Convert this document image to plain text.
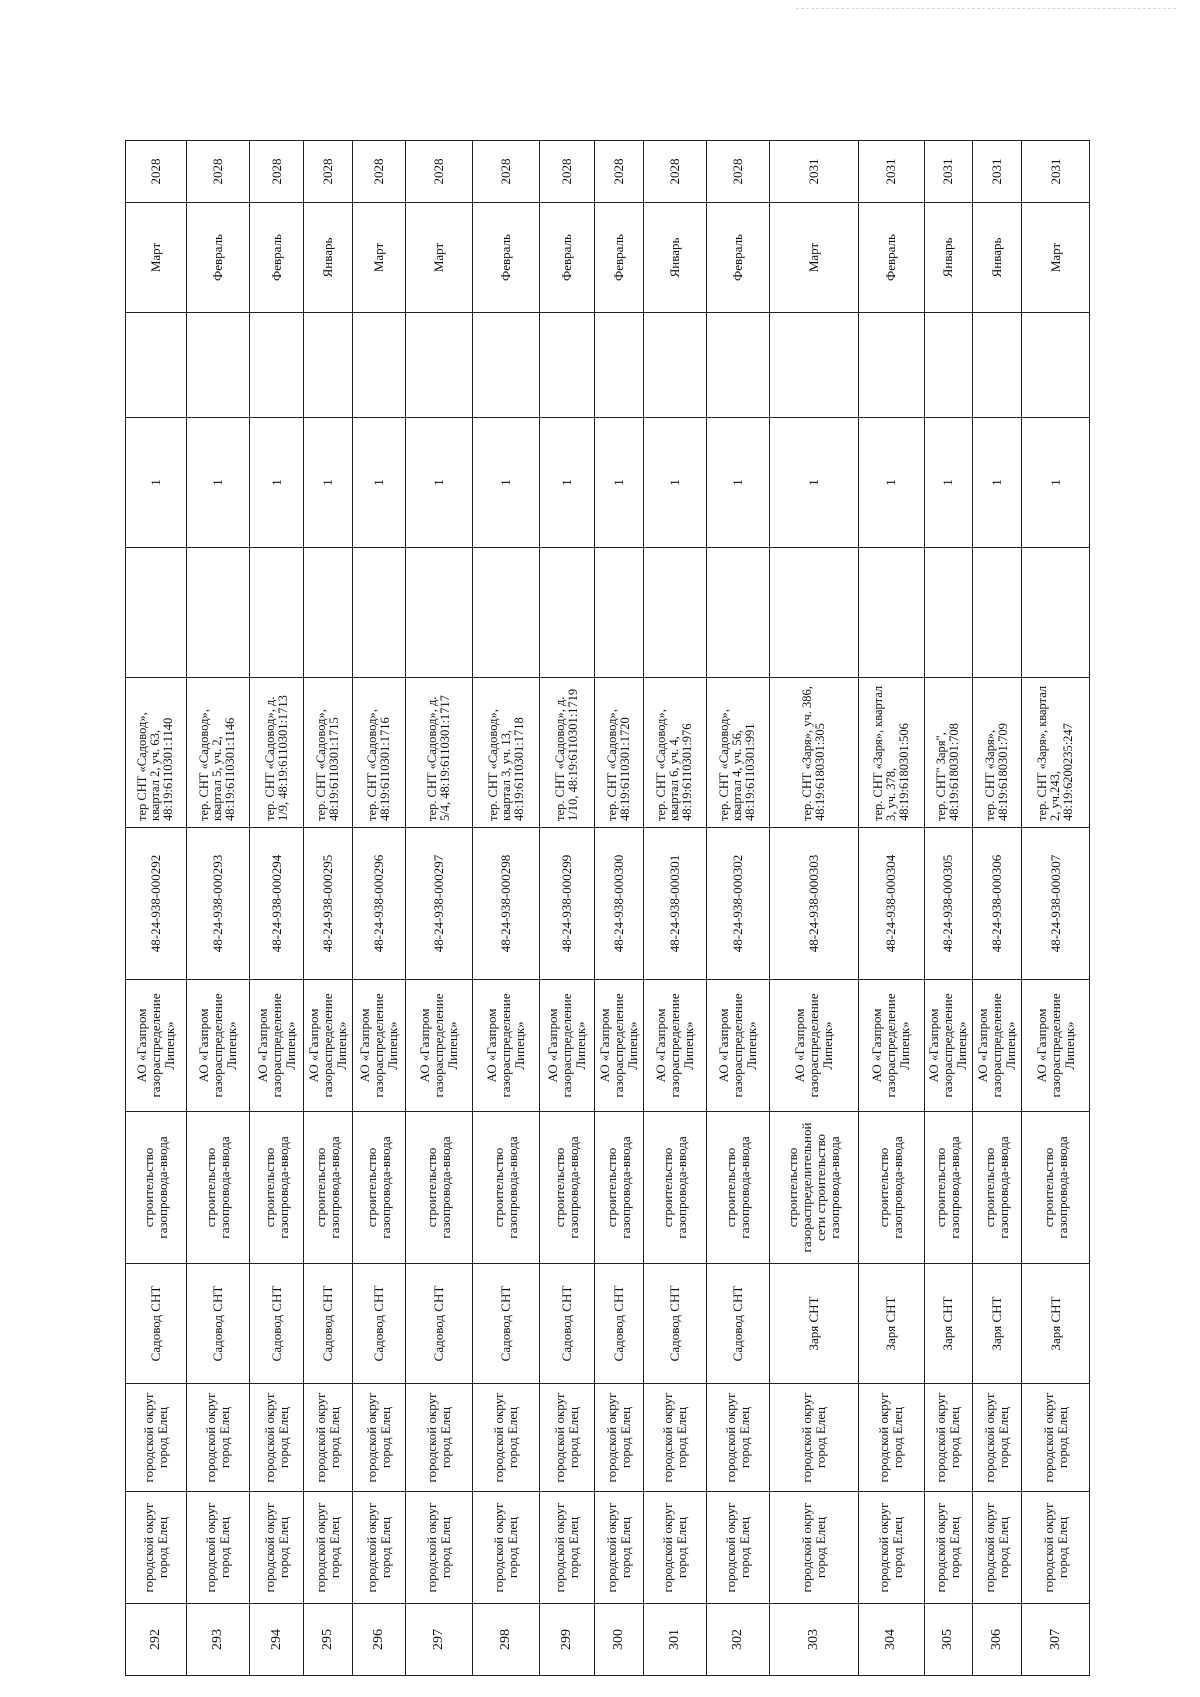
292	городской округ город Елец	городской округ город Елец	Садовод СНТ	строительство газопровода-ввода	АО «Газпром газораспределение Липецк»	48-24-938-000292	тер СНТ «Садовод», квартал 2, уч. 63, 48:19:6110301:1140		1		Март	2028
293	городской округ город Елец	городской округ город Елец	Садовод СНТ	строительство газопровода-ввода	АО «Газпром газораспределение Липецк»	48-24-938-000293	тер. СНТ «Садовод», квартал 5, уч. 2, 48:19:6110301:1146		1		Февраль	2028
294	городской округ город Елец	городской округ город Елец	Садовод СНТ	строительство газопровода-ввода	АО «Газпром газораспределение Липецк»	48-24-938-000294	тер. СНТ «Садовод», д. 1/9, 48:19:6110301:1713		1		Февраль	2028
295	городской округ город Елец	городской округ город Елец	Садовод СНТ	строительство газопровода-ввода	АО «Газпром газораспределение Липецк»	48-24-938-000295	тер. СНТ «Садовод», 48:19:6110301:1715		1		Январь	2028
296	городской округ город Елец	городской округ город Елец	Садовод СНТ	строительство газопровода-ввода	АО «Газпром газораспределение Липецк»	48-24-938-000296	тер. СНТ «Садовод», 48:19:6110301:1716		1		Март	2028
297	городской округ город Елец	городской округ город Елец	Садовод СНТ	строительство газопровода-ввода	АО «Газпром газораспределение Липецк»	48-24-938-000297	тер. СНТ «Садовод», д. 5/4, 48:19:6110301:1717		1		Март	2028
298	городской округ город Елец	городской округ город Елец	Садовод СНТ	строительство газопровода-ввода	АО «Газпром газораспределение Липецк»	48-24-938-000298	тер. СНТ «Садовод», квартал 3, уч. 13, 48:19:6110301:1718		1		Февраль	2028
299	городской округ город Елец	городской округ город Елец	Садовод СНТ	строительство газопровода-ввода	АО «Газпром газораспределение Липецк»	48-24-938-000299	тер. СНТ «Садовод», д. 1/10, 48:19:6110301:1719		1		Февраль	2028
300	городской округ город Елец	городской округ город Елец	Садовод СНТ	строительство газопровода-ввода	АО «Газпром газораспределение Липецк»	48-24-938-000300	тер. СНТ «Садовод», 48:19:6110301:1720		1		Февраль	2028
301	городской округ город Елец	городской округ город Елец	Садовод СНТ	строительство газопровода-ввода	АО «Газпром газораспределение Липецк»	48-24-938-000301	тер. СНТ «Садовод», квартал 6, уч. 4, 48:19:6110301:976		1		Январь	2028
302	городской округ город Елец	городской округ город Елец	Садовод СНТ	строительство газопровода-ввода	АО «Газпром газораспределение Липецк»	48-24-938-000302	тер. СНТ «Садовод», квартал 4, уч. 56, 48:19:6110301:991		1		Февраль	2028
303	городской округ город Елец	городской округ город Елец	Заря СНТ	строительство газораспределительной сети строительство газопровода-ввода	АО «Газпром газораспределение Липецк»	48-24-938-000303	тер. СНТ «Заря», уч. 386, 48:19:6180301:305		1		Март	2031
304	городской округ город Елец	городской округ город Елец	Заря СНТ	строительство газопровода-ввода	АО «Газпром газораспределение Липецк»	48-24-938-000304	тер. СНТ «Заря», квартал 3, уч. 378, 48:19:6180301:506		1		Февраль	2031
305	городской округ город Елец	городской округ город Елец	Заря СНТ	строительство газопровода-ввода	АО «Газпром газораспределение Липецк»	48-24-938-000305	тер. СНТ" Заря", 48:19:6180301:708		1		Январь	2031
306	городской округ город Елец	городской округ город Елец	Заря СНТ	строительство газопровода-ввода	АО «Газпром газораспределение Липецк»	48-24-938-000306	тер. СНТ «Заря», 48:19:6180301:709		1		Январь	2031
307	городской округ город Елец	городской округ город Елец	Заря СНТ	строительство газопровода-ввода	АО «Газпром газораспределение Липецк»	48-24-938-000307	тер. СНТ «Заря», квартал 2, уч.243, 48:19:6200235:247		1		Март	2031
